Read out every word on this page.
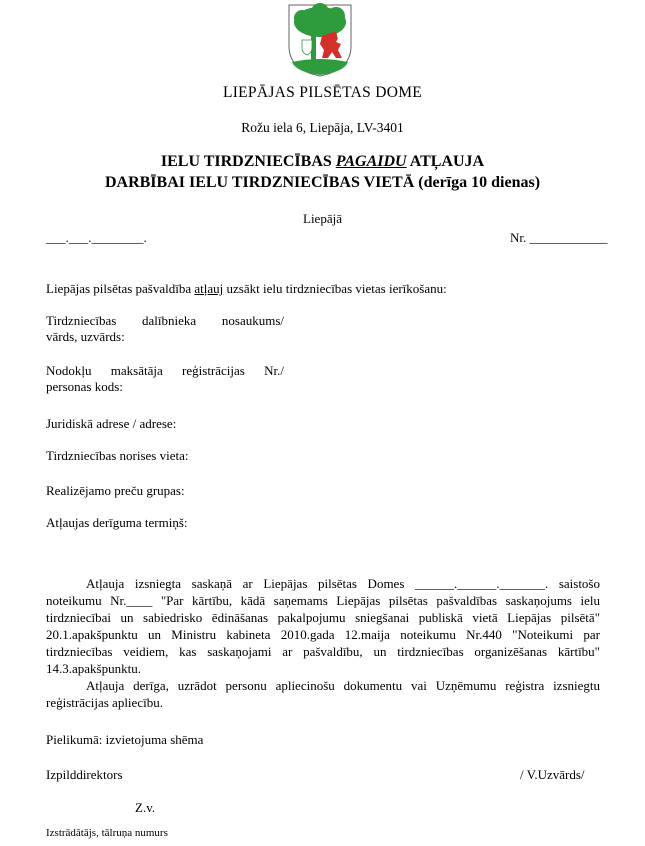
LIEPĀJAS PILSĒTAS DOME
Rožu iela 6, Liepāja, LV-3401
IELU TIRDZNIECĪBAS PAGAIDU ATĻAUJA
DARBĪBAI IELU TIRDZNIECĪBAS VIETĀ (derīga 10 dienas)
Liepājā
___.___.________.	Nr. ____________
Liepājas pilsētas pašvaldība atļauj uzsākt ielu tirdzniecības vietas ierīkošanu:
Tirdzniecības dalībnieka nosaukums/
vārds, uzvārds:
Nodokļu maksātāja reģistrācijas Nr./
personas kods:
Juridiskā adrese / adrese:
Tirdzniecības norises vieta:
Realizējamo preču grupas:
Atļaujas derīguma termiņš:

Atļauja izsniegta saskaņā ar Liepājas pilsētas Domes ______.______._______. saistošo noteikumu Nr.____ "Par kārtību, kādā saņemams Liepājas pilsētas pašvaldības saskaņojums ielu tirdzniecībai un sabiedrisko ēdināšanas pakalpojumu sniegšanai publiskā vietā Liepājas pilsētā" 20.1.apakšpunktu un Ministru kabineta 2010.gada 12.maija noteikumu Nr.440 "Noteikumi par tirdzniecības veidiem, kas saskaņojami ar pašvaldību, un tirdzniecības organizēšanas kārtību" 14.3.apakšpunktu.

Atļauja derīga, uzrādot personu apliecinošu dokumentu vai Uzņēmumu reģistra izsniegtu reģistrācijas apliecību.

Pielikumā: izvietojuma shēma
Izpilddirektors	/ V.Uzvārds/
Z.v.
Izstrādātājs, tālruņa numurs
